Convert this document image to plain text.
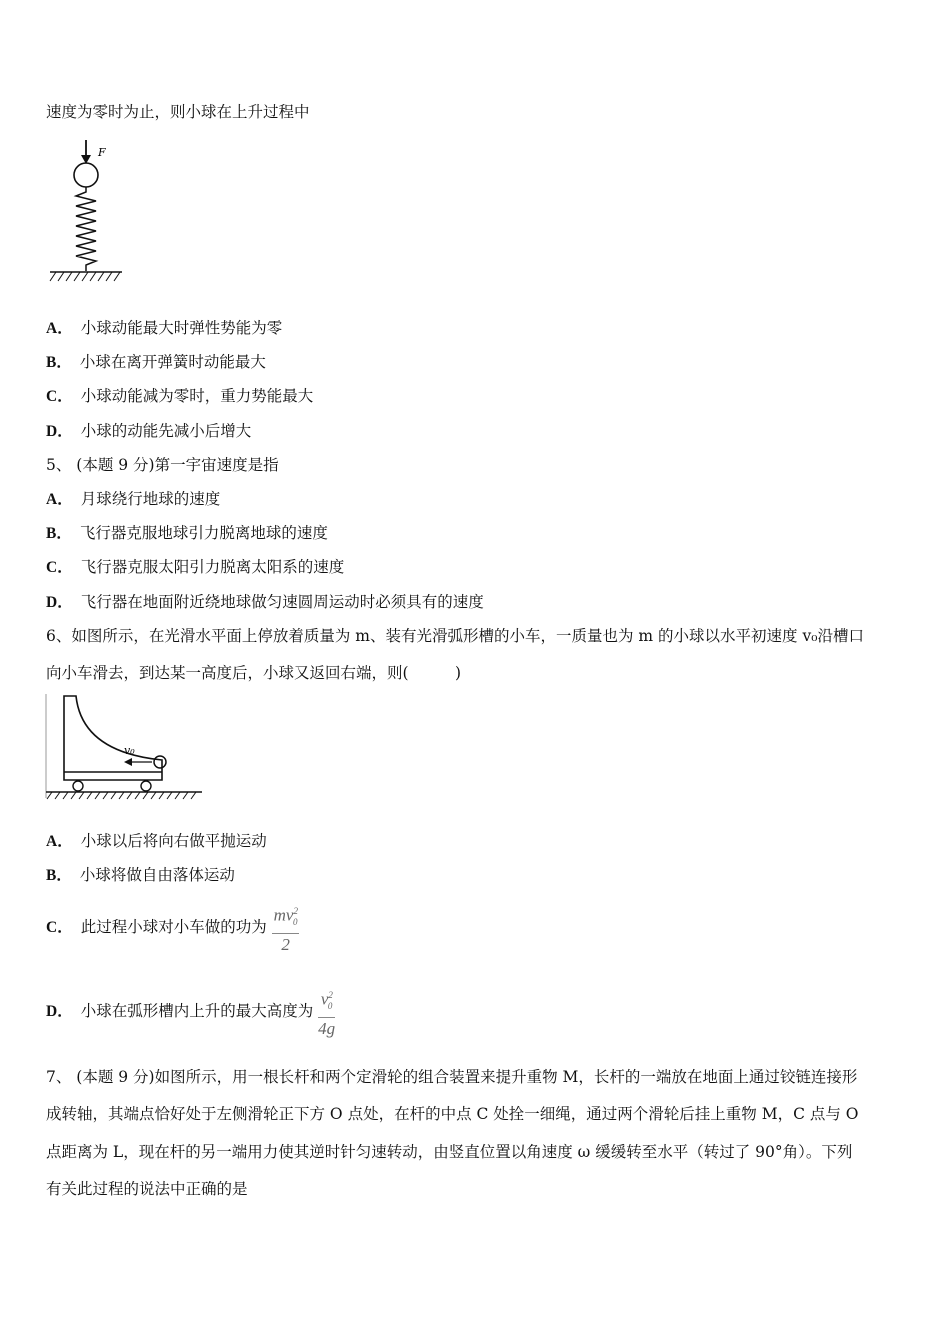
速度为零时为止，则小球在上升过程中
F
A． 小球动能最大时弹性势能为零
B． 小球在离开弹簧时动能最大
C． 小球动能减为零时，重力势能最大
D． 小球的动能先减小后增大
5、 (本题 9 分)第一宇宙速度是指
A． 月球绕行地球的速度
B． 飞行器克服地球引力脱离地球的速度
C． 飞行器克服太阳引力脱离太阳系的速度
D． 飞行器在地面附近绕地球做匀速圆周运动时必须具有的速度
6、如图所示，在光滑水平面上停放着质量为 m、装有光滑弧形槽的小车，一质量也为 m 的小球以水平初速度 v₀沿槽口
向小车滑去，到达某一高度后，小球又返回右端，则(　　　)
v₀
A． 小球以后将向右做平抛运动
B． 小球将做自由落体运动
C． 此过程小球对小车做的功为 $\frac{mv^2_0}{2}$
D． 小球在弧形槽内上升的最大高度为 $\frac{v^2_0}{4g}$
7、 (本题 9 分)如图所示，用一根长杆和两个定滑轮的组合装置来提升重物 M，长杆的一端放在地面上通过铰链连接形
成转轴，其端点恰好处于左侧滑轮正下方 O 点处，在杆的中点 C 处拴一细绳，通过两个滑轮后挂上重物 M，C 点与 O
点距离为 L，现在杆的另一端用力使其逆时针匀速转动，由竖直位置以角速度 ω 缓缓转至水平（转过了 90°角）。下列
有关此过程的说法中正确的是
